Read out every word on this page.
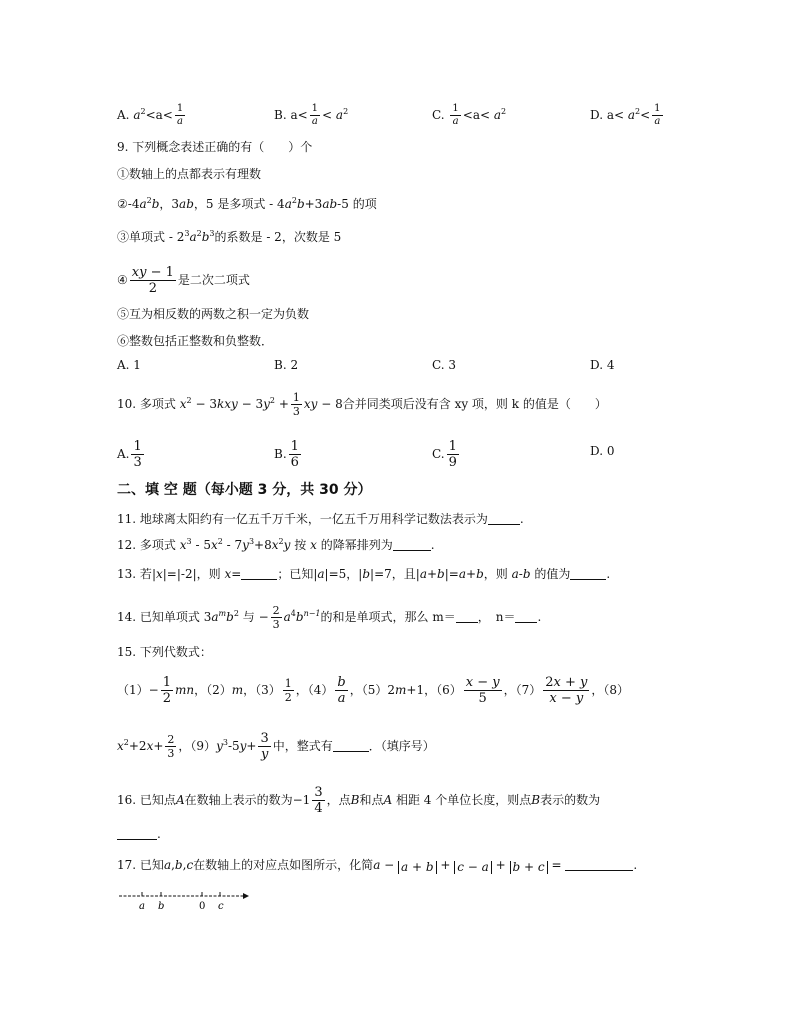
A. $a^2<a< \frac{1}{a}$	B. $a< \frac{1}{a} < a^2$	C. $\frac{1}{a} <a< a^2$	D. $a< a^2< \frac{1}{a}$
9. 下列概念表述正确的有（　　）个
①数轴上的点都表示有理数
$②-4a^2b$，3ab，5 是多项式 - $4a^2b+3ab-5$ 的项
③单项式 - $2^3a^2b^3$的系数是 - 2，次数是 5
④ $\frac{xy - 1}{2}$ 是二次二项式
⑤互为相反数的两数之积一定为负数
⑥整数包括正整数和负整数．
A. 1	B. 2	C. 3	D. 4
10. 多项式 $x^2 - 3kxy - 3y^2 + \frac{1}{3}$ xy − 8合并同类项后没有含 xy 项，则 k 的值是（　　）
A. $\frac{1}{3}$	B. $\frac{1}{6}$	C. $\frac{1}{9}$	D. 0
二、填 空 题（每小题 3 分，共 30 分）
11. 地球离太阳约有一亿五千万千米，一亿五千万用科学记数法表示为	.
12. 多项式 $x^3 - 5x^2 - 7y^3+8x^2y$ 按 x 的降幂排列为	.
13. 若|x|=|-2|，则 x=	；已知|a|=5，|b|=7，且|a+b|=a+b，则 a-b 的值为	.
14. 已知单项式 $3a^mb^2$ 与 − $\frac{2}{3} a^4b^{n-1}$的和是单项式，那么 m＝ ，　n＝ .
15. 下列代数式：
$(1)- \frac{1}{2}$ mn，（2）m，$(3) \frac{1}{2}$ ，$(4) \frac{b}{a}$ ，（5）2m+1，$(6) \frac{x - y}{5}$ ，$(7) \frac{2x + y}{x - y}$ ，（8）
$x^2+2x+ \frac{2}{3}$ ，$(9)y^3-5y+ \frac{3}{y}$ 中，整式有	．（填序号）
16. 已知点A在数轴上表示的数为$-1 \frac{3}{4}$ ，点B和点A 相距 4 个单位长度，则点B表示的数为
.
17. 已知a,b,c在数轴上的对应点如图所示，化简a − a + b + c − a + b + c =	.
a b	0 c
